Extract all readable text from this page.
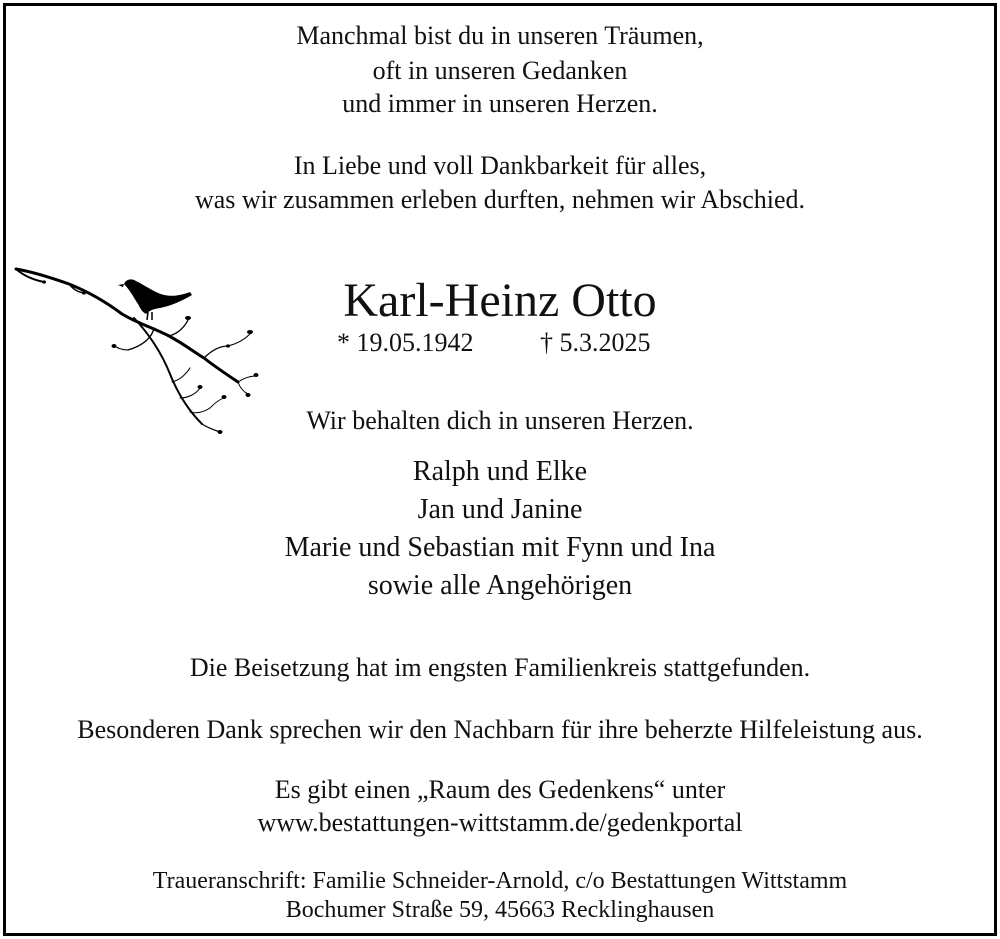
Manchmal bist du in unseren Träumen,
oft in unseren Gedanken
und immer in unseren Herzen.
In Liebe und voll Dankbarkeit für alles,
was wir zusammen erleben durften, nehmen wir Abschied.
Karl-Heinz Otto
* 19.05.1942	† 5.3.2025
Wir behalten dich in unseren Herzen.
Ralph und Elke
Jan und Janine
Marie und Sebastian mit Fynn und Ina
sowie alle Angehörigen
Die Beisetzung hat im engsten Familienkreis stattgefunden.
Besonderen Dank sprechen wir den Nachbarn für ihre beherzte Hilfeleistung aus.
Es gibt einen „Raum des Gedenkens“ unter
www.bestattungen-wittstamm.de/gedenkportal
Traueranschrift: Familie Schneider-Arnold, c/o Bestattungen Wittstamm
Bochumer Straße 59, 45663 Recklinghausen
